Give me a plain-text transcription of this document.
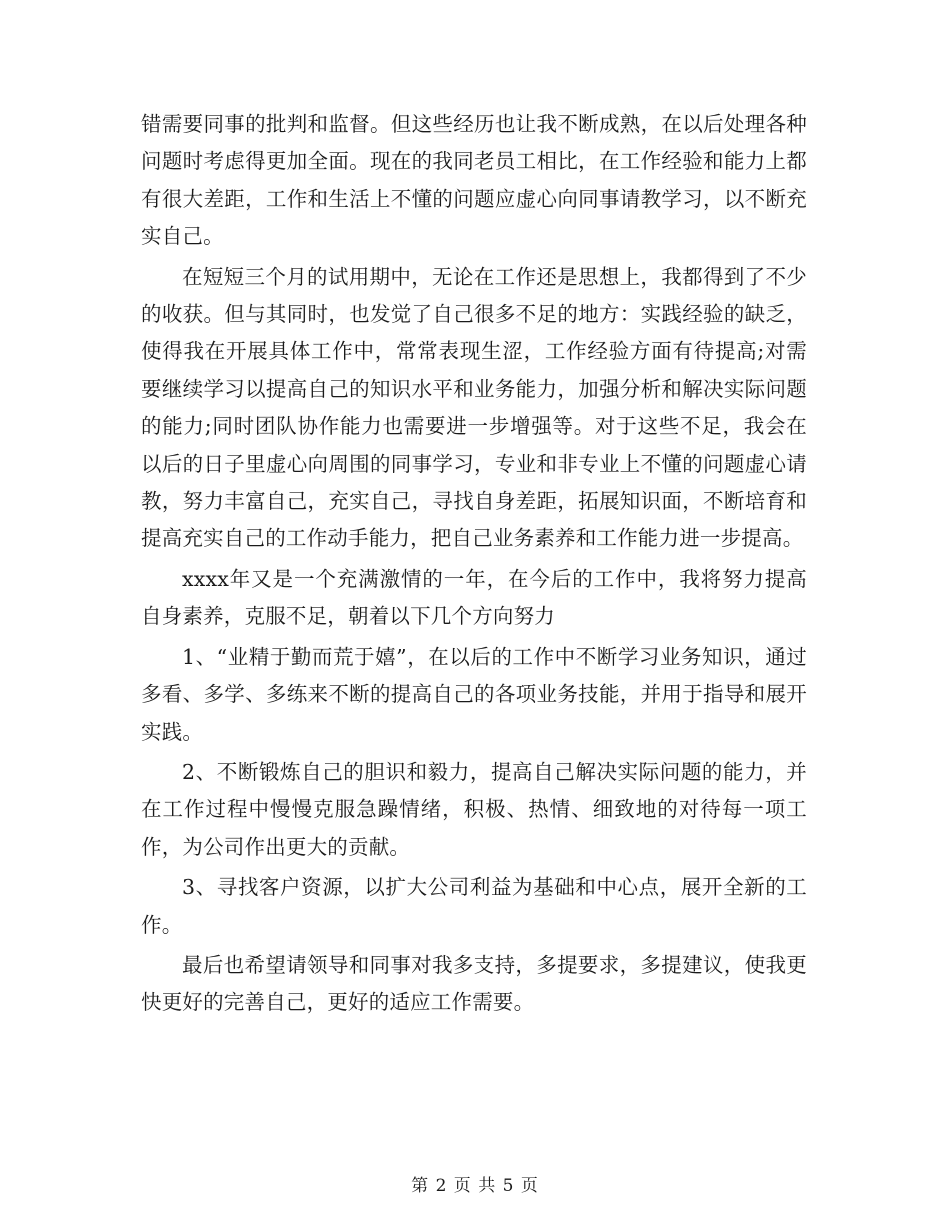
错需要同事的批判和监督。但这些经历也让我不断成熟，在以后处理各种问题时考虑得更加全面。现在的我同老员工相比，在工作经验和能力上都有很大差距，工作和生活上不懂的问题应虚心向同事请教学习，以不断充实自己。

在短短三个月的试用期中，无论在工作还是思想上，我都得到了不少的收获。但与其同时，也发觉了自己很多不足的地方：实践经验的缺乏，使得我在开展具体工作中，常常表现生涩，工作经验方面有待提高;对需要继续学习以提高自己的知识水平和业务能力，加强分析和解决实际问题的能力;同时团队协作能力也需要进一步增强等。对于这些不足，我会在以后的日子里虚心向周围的同事学习，专业和非专业上不懂的问题虚心请教，努力丰富自己，充实自己，寻找自身差距，拓展知识面，不断培育和提高充实自己的工作动手能力，把自己业务素养和工作能力进一步提高。

xxxx年又是一个充满激情的一年，在今后的工作中，我将努力提高自身素养，克服不足，朝着以下几个方向努力

1、“业精于勤而荒于嬉”，在以后的工作中不断学习业务知识，通过多看、多学、多练来不断的提高自己的各项业务技能，并用于指导和展开实践。

2、不断锻炼自己的胆识和毅力，提高自己解决实际问题的能力，并在工作过程中慢慢克服急躁情绪，积极、热情、细致地的对待每一项工作，为公司作出更大的贡献。

3、寻找客户资源，以扩大公司利益为基础和中心点，展开全新的工作。

最后也希望请领导和同事对我多支持，多提要求，多提建议，使我更快更好的完善自己，更好的适应工作需要。

第 2 页 共 5 页
